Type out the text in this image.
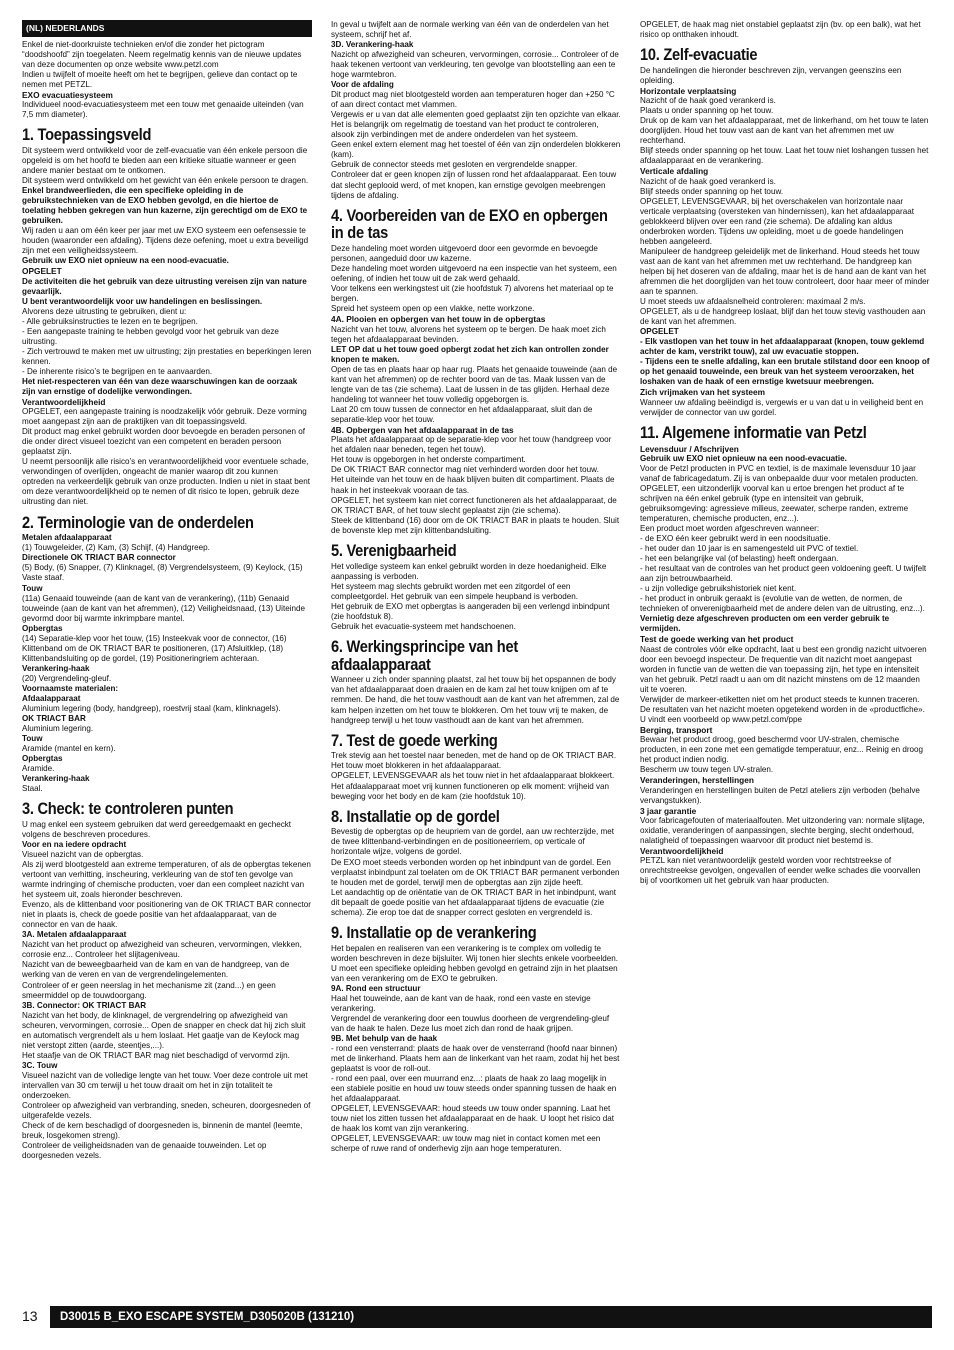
(NL) NEDERLANDS

Enkel de niet-doorkruiste technieken en/of die zonder het pictogram “doodshoofd” zijn toegelaten. Neem regelmatig kennis van de nieuwe updates van deze documenten op onze website www.petzl.com

Indien u twijfelt of moeite heeft om het te begrijpen, gelieve dan contact op te nemen met PETZL.

EXO evacuatiesysteem

Individueel nood-evacuatiesysteem met een touw met genaaide uiteinden (van 7,5 mm diameter).

1. Toepassingsveld

Dit systeem werd ontwikkeld voor de zelf-evacuatie van één enkele persoon die opgeleid is om het hoofd te bieden aan een kritieke situatie wanneer er geen andere manier bestaat om te ontkomen.

Dit systeem werd ontwikkeld om het gewicht van één enkele persoon te dragen.

Enkel brandweerlieden, die een specifieke opleiding in de gebruikstechnieken van de EXO hebben gevolgd, en die hiertoe de toelating hebben gekregen van hun kazerne, zijn gerechtigd om de EXO te gebruiken.

Wij raden u aan om één keer per jaar met uw EXO systeem een oefensessie te houden (waaronder een afdaling). Tijdens deze oefening, moet u extra beveiligd zijn met een veiligheidssysteem.

Gebruik uw EXO niet opnieuw na een nood-evacuatie.

OPGELET

De activiteiten die het gebruik van deze uitrusting vereisen zijn van nature gevaarlijk.

U bent verantwoordelijk voor uw handelingen en beslissingen.

Alvorens deze uitrusting te gebruiken, dient u:

- Alle gebruiksinstructies te lezen en te begrijpen.

- Een aangepaste training te hebben gevolgd voor het gebruik van deze uitrusting.

- Zich vertrouwd te maken met uw uitrusting; zijn prestaties en beperkingen leren kennen.

- De inherente risico’s te begrijpen en te aanvaarden.

Het niet-respecteren van één van deze waarschuwingen kan de oorzaak zijn van ernstige of dodelijke verwondingen.

Verantwoordelijkheid

OPGELET, een aangepaste training is noodzakelijk vóór gebruik. Deze vorming moet aangepast zijn aan de praktijken van dit toepassingsveld.

Dit product mag enkel gebruikt worden door bevoegde en beraden personen of die onder direct visueel toezicht van een competent en beraden persoon geplaatst zijn.

U neemt persoonlijk alle risico’s en verantwoordelijkheid voor eventuele schade, verwondingen of overlijden, ongeacht de manier waarop dit zou kunnen optreden na verkeerdelijk gebruik van onze producten. Indien u niet in staat bent om deze verantwoordelijkheid op te nemen of dit risico te lopen, gebruik deze uitrusting dan niet.

2. Terminologie van de onderdelen

Metalen afdaalapparaat

(1) Touwgeleider, (2) Kam, (3) Schijf, (4) Handgreep.

Directionele OK TRIACT BAR connector

(5) Body, (6) Snapper, (7) Klinknagel, (8) Vergrendelsysteem, (9) Keylock, (15) Vaste staaf.

Touw

(11a) Genaaid touweinde (aan de kant van de verankering), (11b) Genaaid touweinde (aan de kant van het afremmen), (12) Veiligheidsnaad, (13) Uiteinde gevormd door bij warmte inkrimpbare mantel.

Opbergtas

(14) Separatie-klep voor het touw, (15) Insteekvak voor de connector, (16) Klittenband om de OK TRIACT BAR te positioneren, (17) Afsluitklep, (18) Klittenbandsluiting op de gordel, (19) Positioneringriem achteraan.

Verankering-haak

(20) Vergrendeling-gleuf.

Voornaamste materialen:

Afdaalapparaat

Aluminium legering (body, handgreep), roestvrij staal (kam, klinknagels).

OK TRIACT BAR

Aluminium legering.

Touw

Aramide (mantel en kern).

Opbergtas

Aramide.

Verankering-haak

Staal.

3. Check: te controleren punten

U mag enkel een systeem gebruiken dat werd gereedgemaakt en gecheckt volgens de beschreven procedures.

Voor en na iedere opdracht

Visueel nazicht van de opbergtas.

Als zij werd blootgesteld aan extreme temperaturen, of als de opbergtas tekenen vertoont van verhitting, inscheuring, verkleuring van de stof ten gevolge van warmte indringing of chemische producten, voer dan een compleet nazicht van het systeem uit, zoals hieronder beschreven.

Evenzo, als de klittenband voor positionering van de OK TRIACT BAR connector niet in plaats is, check de goede positie van het afdaalapparaat, van de connector en van de haak.

3A. Metalen afdaalapparaat

Nazicht van het product op afwezigheid van scheuren, vervormingen, vlekken, corrosie enz... Controleer het slijtageniveau.

Nazicht van de beweegbaarheid van de kam en van de handgreep, van de werking van de veren en van de vergrendelingelementen.

Controleer of er geen neerslag in het mechanisme zit (zand...) en geen smeermiddel op de touwdoorgang.

3B. Connector: OK TRIACT BAR

Nazicht van het body, de klinknagel, de vergrendelring op afwezigheid van scheuren, vervormingen, corrosie... Open de snapper en check dat hij zich sluit en automatisch vergrendelt als u hem loslaat. Het gaatje van de Keylock mag niet verstopt zitten (aarde, steentjes,...).

Het staafje van de OK TRIACT BAR mag niet beschadigd of vervormd zijn.

3C. Touw

Visueel nazicht van de volledige lengte van het touw. Voer deze controle uit met intervallen van 30 cm terwijl u het touw draait om het in zijn totaliteit te onderzoeken.

Controleer op afwezigheid van verbranding, sneden, scheuren, doorgesneden of uitgerafelde vezels.

Check of de kern beschadigd of doorgesneden is, binnenin de mantel (leemte, breuk, losgekomen streng).

Controleer de veiligheidsnaden van de genaaide touweinden. Let op doorgesneden vezels.

In geval u twijfelt aan de normale werking van één van de onderdelen van het systeem, schrijf het af.

3D. Verankering-haak

Nazicht op afwezigheid van scheuren, vervormingen, corrosie... Controleer of de haak tekenen vertoont van verkleuring, ten gevolge van blootstelling aan een te hoge warmtebron.

Voor de afdaling

Dit product mag niet blootgesteld worden aan temperaturen hoger dan +250 °C of aan direct contact met vlammen.

Vergewis er u van dat alle elementen goed geplaatst zijn ten opzichte van elkaar. Het is belangrijk om regelmatig de toestand van het product te controleren, alsook zijn verbindingen met de andere onderdelen van het systeem.

Geen enkel extern element mag het toestel of één van zijn onderdelen blokkeren (kam).

Gebruik de connector steeds met gesloten en vergrendelde snapper.

Controleer dat er geen knopen zijn of lussen rond het afdaalapparaat. Een touw dat slecht geplooid werd, of met knopen, kan ernstige gevolgen meebrengen tijdens de afdaling.

4. Voorbereiden van de EXO en opbergen in de tas

Deze handeling moet worden uitgevoerd door een gevormde en bevoegde personen, aangeduid door uw kazerne.

Deze handeling moet worden uitgevoerd na een inspectie van het systeem, een oefening, of indien het touw uit de zak werd gehaald.

Voor telkens een werkingstest uit (zie hoofdstuk 7) alvorens het materiaal op te bergen.

Spreid het systeem open op een vlakke, nette workzone.

4A. Plooien en opbergen van het touw in de opbergtas

Nazicht van het touw, alvorens het systeem op te bergen. De haak moet zich tegen het afdaalapparaat bevinden.

LET OP dat u het touw goed opbergt zodat het zich kan ontrollen zonder knopen te maken.

Open de tas en plaats haar op haar rug. Plaats het genaaide touweinde (aan de kant van het afremmen) op de rechter boord van de tas. Maak lussen van de lengte van de tas (zie schema). Laat de lussen in de tas glijden. Herhaal deze handeling tot wanneer het touw volledig opgeborgen is.

Laat 20 cm touw tussen de connector en het afdaalapparaat, sluit dan de separatie-klep voor het touw.

4B. Opbergen van het afdaalapparaat in de tas

Plaats het afdaalapparaat op de separatie-klep voor het touw (handgreep voor het afdalen naar beneden, tegen het touw).

Het touw is opgeborgen in het onderste compartiment.

De OK TRIACT BAR connector mag niet verhinderd worden door het touw.

Het uiteinde van het touw en de haak blijven buiten dit compartiment. Plaats de haak in het insteekvak vooraan de tas.

OPGELET, het systeem kan niet correct functioneren als het afdaalapparaat, de OK TRIACT BAR, of het touw slecht geplaatst zijn (zie schema).

Steek de klittenband (16) door om de OK TRIACT BAR in plaats te houden. Sluit de bovenste klep met zijn klittenbandsluiting.

5. Verenigbaarheid

Het volledige systeem kan enkel gebruikt worden in deze hoedanigheid. Elke aanpassing is verboden.

Het systeem mag slechts gebruikt worden met een zitgordel of een compleetgordel. Het gebruik van een simpele heupband is verboden.

Het gebruik de EXO met opbergtas is aangeraden bij een verlengd inbindpunt (zie hoofdstuk 8).

Gebruik het evacuatie-systeem met handschoenen.

6. Werkingsprincipe van het afdaalapparaat

Wanneer u zich onder spanning plaatst, zal het touw bij het opspannen de body van het afdaalapparaat doen draaien en de kam zal het touw knijpen om af te remmen. De hand, die het touw vasthoudt aan de kant van het afremmen, zal de kam helpen inzetten om het touw te blokkeren. Om het touw vrij te maken, de handgreep terwijl u het touw vasthoudt aan de kant van het afremmen.

7. Test de goede werking

Trek stevig aan het toestel naar beneden, met de hand op de OK TRIACT BAR. Het touw moet blokkeren in het afdaalapparaat.

OPGELET, LEVENSGEVAAR als het touw niet in het afdaalapparaat blokkeert. Het afdaalapparaat moet vrij kunnen functioneren op elk moment: vrijheid van beweging voor het body en de kam (zie hoofdstuk 10).

8. Installatie op de gordel

Bevestig de opbergtas op de heupriem van de gordel, aan uw rechterzijde, met de twee klittenband-verbindingen en de positioneerriem, op verticale of horizontale wijze, volgens de gordel.

De EXO moet steeds verbonden worden op het inbindpunt van de gordel. Een verplaatst inbindpunt zal toelaten om de OK TRIACT BAR permanent verbonden te houden met de gordel, terwijl men de opbergtas aan zijn zijde heeft.

Let aandachtig op de oriëntatie van de OK TRIACT BAR in het inbindpunt, want dit bepaalt de goede positie van het afdaalapparaat tijdens de evacuatie (zie schema). Zie erop toe dat de snapper correct gesloten en vergrendeld is.

9. Installatie op de verankering

Het bepalen en realiseren van een verankering is te complex om volledig te worden beschreven in deze bijsluiter. Wij tonen hier slechts enkele voorbeelden. U moet een specifieke opleiding hebben gevolgd en getraind zijn in het plaatsen van een verankering om de EXO te gebruiken.

9A. Rond een structuur

Haal het touweinde, aan de kant van de haak, rond een vaste en stevige verankering.

Vergrendel de verankering door een touwlus doorheen de vergrendeling-gleuf van de haak te halen. Deze lus moet zich dan rond de haak grijpen.

9B. Met behulp van de haak

- rond een vensterrand: plaats de haak over de vensterrand (hoofd naar binnen) met de linkerhand. Plaats hem aan de linkerkant van het raam, zodat hij het best geplaatst is voor de roll-out.

- rond een paal, over een muurrand enz...: plaats de haak zo laag mogelijk in een stabiele positie en houd uw touw steeds onder spanning tussen de haak en het afdaalapparaat.

OPGELET, LEVENSGEVAAR: houd steeds uw touw onder spanning. Laat het touw niet los zitten tussen het afdaalapparaat en de haak. U loopt het risico dat de haak los komt van zijn verankering.

OPGELET, LEVENSGEVAAR: uw touw mag niet in contact komen met een scherpe of ruwe rand of onderhevig zijn aan hoge temperaturen.

OPGELET, de haak mag niet onstabiel geplaatst zijn (bv. op een balk), wat het risico op ontthaken inhoudt.

10. Zelf-evacuatie

De handelingen die hieronder beschreven zijn, vervangen geenszins een opleiding.

Horizontale verplaatsing

Nazicht of de haak goed verankerd is.

Plaats u onder spanning op het touw.

Druk op de kam van het afdaalapparaat, met de linkerhand, om het touw te laten doorglijden. Houd het touw vast aan de kant van het afremmen met uw rechterhand.

Blijf steeds onder spanning op het touw. Laat het touw niet loshangen tussen het afdaalapparaat en de verankering.

Verticale afdaling

Nazicht of de haak goed verankerd is.

Blijf steeds onder spanning op het touw.

OPGELET, LEVENSGEVAAR, bij het overschakelen van horizontale naar verticale verplaatsing (oversteken van hindernissen), kan het afdaalapparaat geblokkeerd blijven over een rand (zie schema). De afdaling kan aldus onderbroken worden. Tijdens uw opleiding, moet u de goede handelingen hebben aangeleerd.

Manipuleer de handgreep geleidelijk met de linkerhand. Houd steeds het touw vast aan de kant van het afremmen met uw rechterhand. De handgreep kan helpen bij het doseren van de afdaling, maar het is de hand aan de kant van het afremmen die het doorglijden van het touw controleert, door haar meer of minder aan te spannen.

U moet steeds uw afdaalsnelheid controleren: maximaal 2 m/s.

OPGELET, als u de handgreep loslaat, blijf dan het touw stevig vasthouden aan de kant van het afremmen.

OPGELET

- Elk vastlopen van het touw in het afdaalapparaat (knopen, touw geklemd achter de kam, verstrikt touw), zal uw evacuatie stoppen.

- Tijdens een te snelle afdaling, kan een brutale stilstand door een knoop of op het genaaid touweinde, een breuk van het systeem veroorzaken, het loshaken van de haak of een ernstige kwetsuur meebrengen.

Zich vrijmaken van het systeem

Wanneer uw afdaling beëindigd is, vergewis er u van dat u in veiligheid bent en verwijder de connector van uw gordel.

11. Algemene informatie van Petzl

Levensduur / Afschrijven

Gebruik uw EXO niet opnieuw na een nood-evacuatie.

Voor de Petzl producten in PVC en textiel, is de maximale levensduur 10 jaar vanaf de fabricagedatum. Zij is van onbepaalde duur voor metalen producten.

OPGELET, een uitzonderlijk voorval kan u ertoe brengen het product af te schrijven na één enkel gebruik (type en intensiteit van gebruik, gebruiksomgeving: agressieve milieus, zeewater, scherpe randen, extreme temperaturen, chemische producten, enz...).

Een product moet worden afgeschreven wanneer:

- de EXO één keer gebruikt werd in een noodsituatie.

- het ouder dan 10 jaar is en samengesteld uit PVC of textiel.

- het een belangrijke val (of belasting) heeft ondergaan.

- het resultaat van de controles van het product geen voldoening geeft. U twijfelt aan zijn betrouwbaarheid.

- u zijn volledige gebruikshistoriek niet kent.

- het product in onbruik geraakt is (evolutie van de wetten, de normen, de technieken of onverenigbaarheid met de andere delen van de uitrusting, enz...).

Vernietig deze afgeschreven producten om een verder gebruik te vermijden.

Test de goede werking van het product

Naast de controles vóór elke opdracht, laat u best een grondig nazicht uitvoeren door een bevoegd inspecteur. De frequentie van dit nazicht moet aangepast worden in functie van de wetten die van toepassing zijn, het type en intensiteit van het gebruik. Petzl raadt u aan om dit nazicht minstens om de 12 maanden uit te voeren.

Verwijder de markeer-etiketten niet om het product steeds te kunnen traceren.

De resultaten van het nazicht moeten opgetekend worden in de «productfiche». U vindt een voorbeeld op www.petzl.com/ppe

Berging, transport

Bewaar het product droog, goed beschermd voor UV-stralen, chemische producten, in een zone met een gematigde temperatuur, enz... Reinig en droog het product indien nodig.

Bescherm uw touw tegen UV-stralen.

Veranderingen, herstellingen

Veranderingen en herstellingen buiten de Petzl ateliers zijn verboden (behalve vervangstukken).

3 jaar garantie

Voor fabricagefouten of materiaalfouten. Met uitzondering van: normale slijtage, oxidatie, veranderingen of aanpassingen, slechte berging, slecht onderhoud, nalatigheid of toepassingen waarvoor dit product niet bestemd is.

Verantwoordelijkheid

PETZL kan niet verantwoordelijk gesteld worden voor rechtstreekse of onrechtstreekse gevolgen, ongevallen of eender welke schades die voorvallen bij of voortkomen uit het gebruik van haar producten.

13	D30015 B_EXO ESCAPE SYSTEM_D305020B (131210)
